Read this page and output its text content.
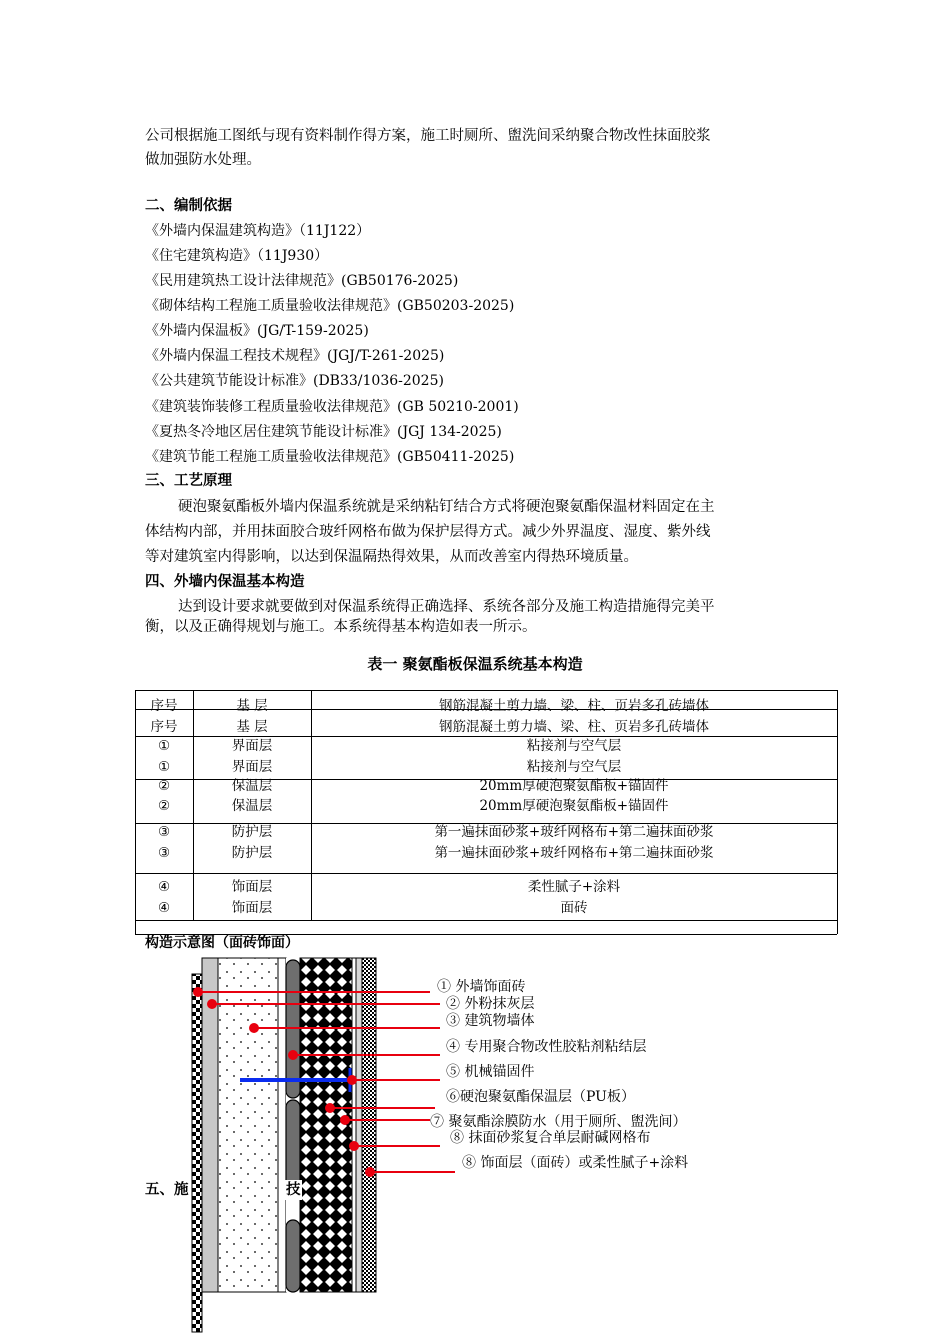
公司根据施工图纸与现有资料制作得方案，施工时厕所、盥洗间采纳聚合物改性抹面胶浆
做加强防水处理。
二、编制依据
《外墙内保温建筑构造》（11J122）
《住宅建筑构造》（11J930）
《民用建筑热工设计法律规范》(GB50176-2025)
《砌体结构工程施工质量验收法律规范》(GB50203-2025)
《外墙内保温板》(JG/T-159-2025)
《外墙内保温工程技术规程》(JGJ/T-261-2025)
《公共建筑节能设计标准》(DB33/1036-2025)
《建筑装饰装修工程质量验收法律规范》(GB 50210-2001)
《夏热冬冷地区居住建筑节能设计标准》(JGJ 134-2025)
《建筑节能工程施工质量验收法律规范》(GB50411-2025)
三、工艺原理
硬泡聚氨酯板外墙内保温系统就是采纳粘钉结合方式将硬泡聚氨酯保温材料固定在主
体结构内部，并用抹面胶合玻纤网格布做为保护层得方式。减少外界温度、湿度、紫外线
等对建筑室内得影响，以达到保温隔热得效果，从而改善室内得热环境质量。
四、外墙内保温基本构造
达到设计要求就要做到对保温系统得正确选择、系统各部分及施工构造措施得完美平
衡，以及正确得规划与施工。本系统得基本构造如表一所示。
表一 聚氨酯板保温系统基本构造
序号	基 层	钢筋混凝土剪力墙、梁、柱、页岩多孔砖墙体
序号	基 层	钢筋混凝土剪力墙、梁、柱、页岩多孔砖墙体
①	界面层	粘接剂与空气层
①	界面层	粘接剂与空气层
②	保温层	20mm厚硬泡聚氨酯板+锚固件
②	保温层	20mm厚硬泡聚氨酯板+锚固件
③	防护层	第一遍抹面砂浆+玻纤网格布+第二遍抹面砂浆
③	防护层	第一遍抹面砂浆+玻纤网格布+第二遍抹面砂浆
④	饰面层	柔性腻子+涂料
④	饰面层	面砖
构造示意图（面砖饰面）
① 外墙饰面砖
② 外粉抹灰层
③ 建筑物墙体
④ 专用聚合物改性胶粘剂粘结层
⑤ 机械锚固件
⑥硬泡聚氨酯保温层（PU板）
⑦ 聚氨酯涂膜防水（用于厕所、盥洗间）
⑧ 抹面砂浆复合单层耐碱网格布
⑧ 饰面层（面砖）或柔性腻子+涂料
五、施	技
